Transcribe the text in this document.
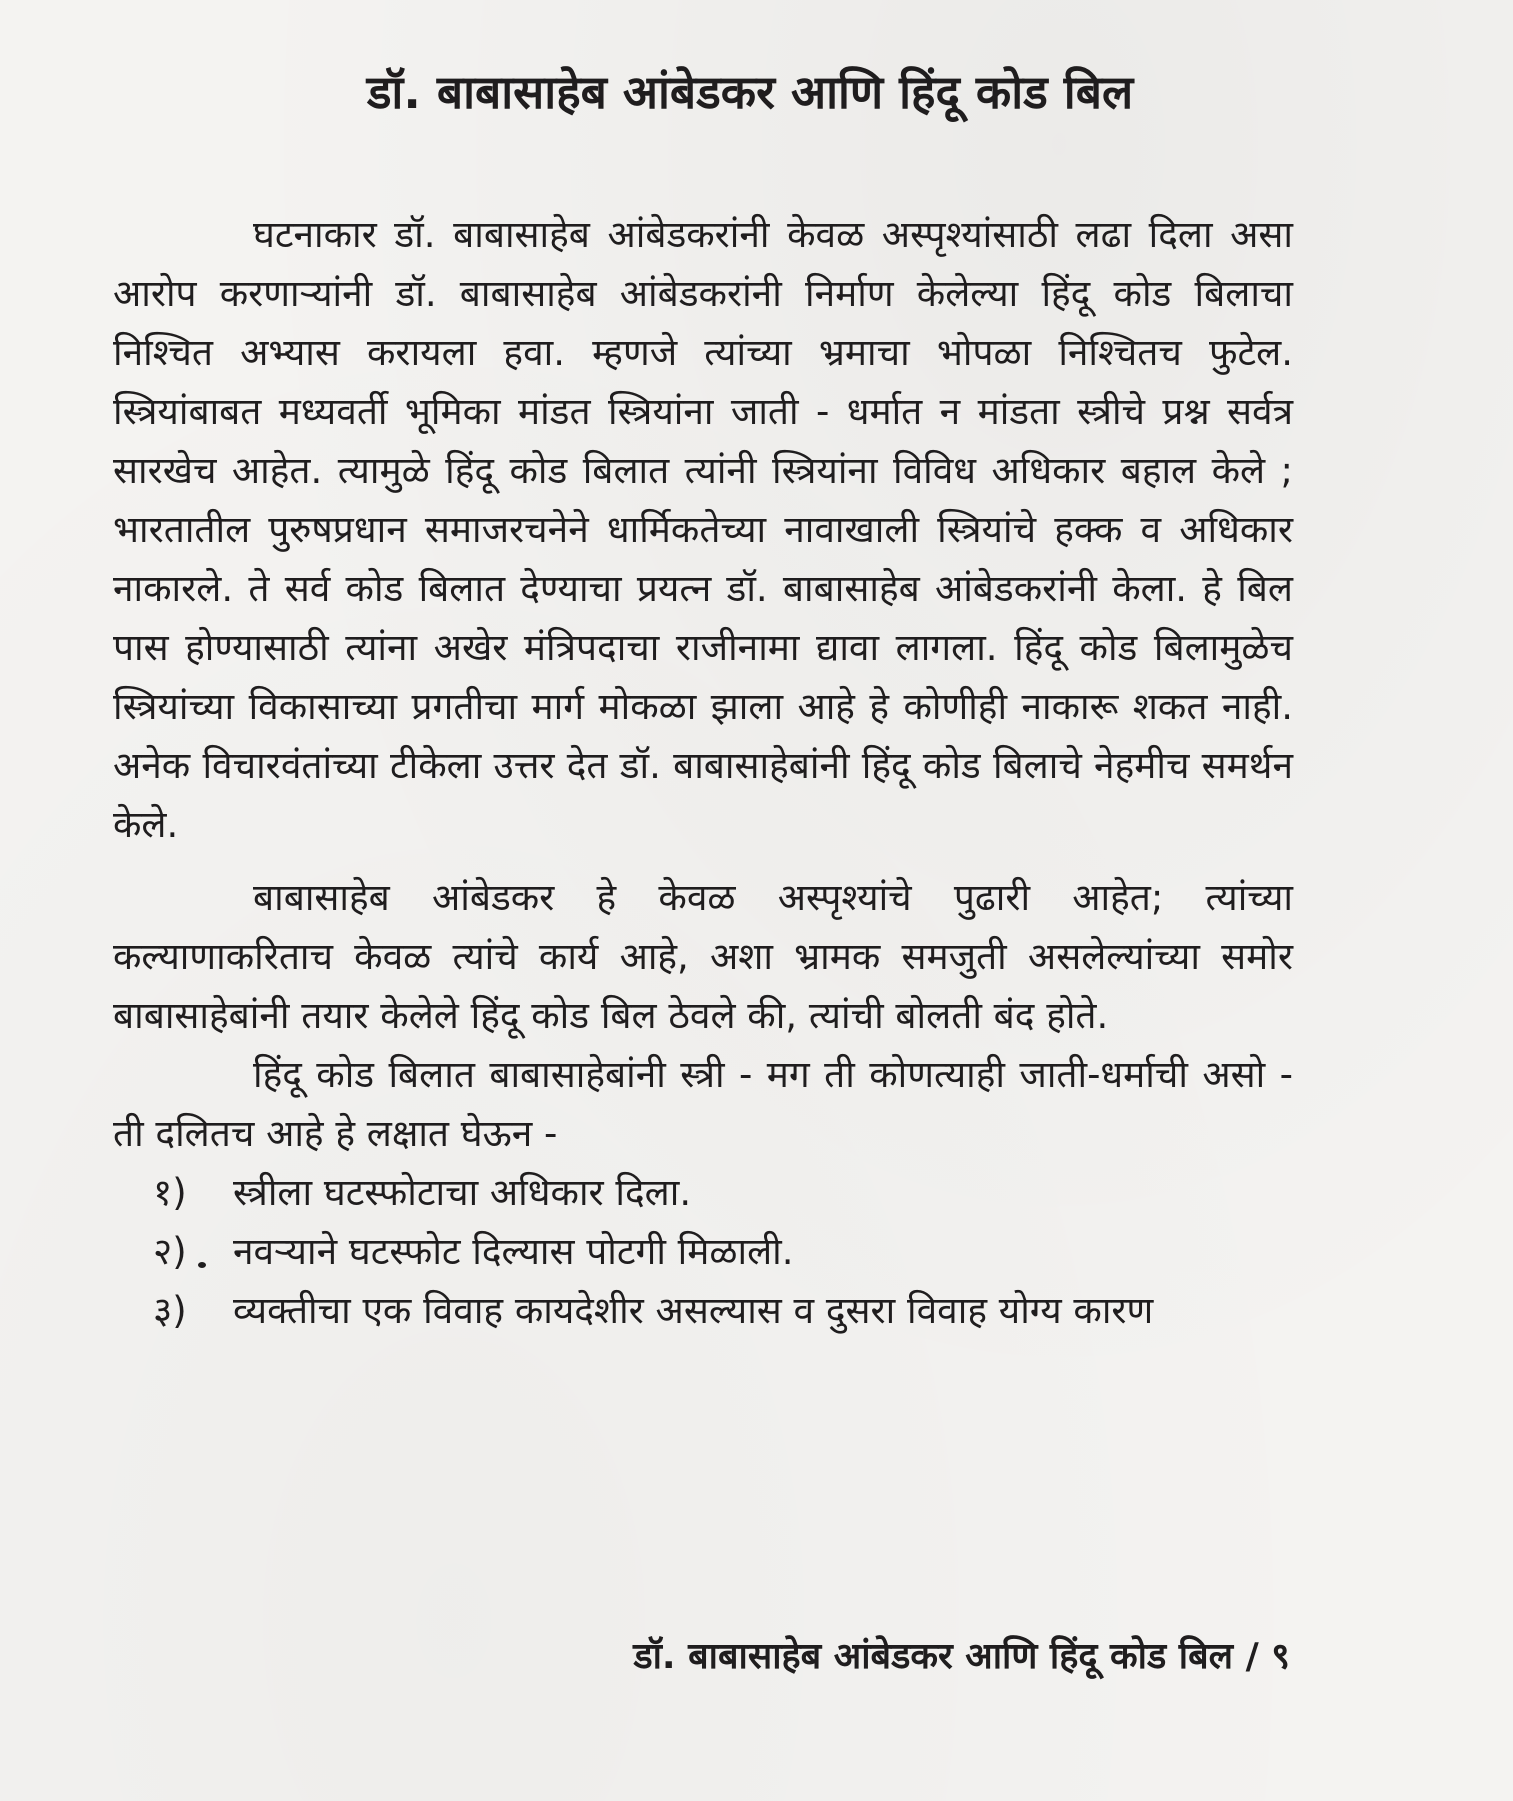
डॉ. बाबासाहेब आंबेडकर आणि हिंदू कोड बिल

घटनाकार डॉ. बाबासाहेब आंबेडकरांनी केवळ अस्पृश्यांसाठी लढा दिला असा आरोप करणाऱ्यांनी डॉ. बाबासाहेब आंबेडकरांनी निर्माण केलेल्या हिंदू कोड बिलाचा निश्चित अभ्यास करायला हवा. म्हणजे त्यांच्या भ्रमाचा भोपळा निश्चितच फुटेल. स्त्रियांबाबत मध्यवर्ती भूमिका मांडत स्त्रियांना जाती - धर्मात न मांडता स्त्रीचे प्रश्न सर्वत्र सारखेच आहेत. त्यामुळे हिंदू कोड बिलात त्यांनी स्त्रियांना विविध अधिकार बहाल केले ; भारतातील पुरुषप्रधान समाजरचनेने धार्मिकतेच्या नावाखाली स्त्रियांचे हक्क व अधिकार नाकारले. ते सर्व कोड बिलात देण्याचा प्रयत्न डॉ. बाबासाहेब आंबेडकरांनी केला. हे बिल पास होण्यासाठी त्यांना अखेर मंत्रिपदाचा राजीनामा द्यावा लागला. हिंदू कोड बिलामुळेच स्त्रियांच्या विकासाच्या प्रगतीचा मार्ग मोकळा झाला आहे हे कोणीही नाकारू शकत नाही. अनेक विचारवंतांच्या टीकेला उत्तर देत डॉ. बाबासाहेबांनी हिंदू कोड बिलाचे नेहमीच समर्थन केले.

बाबासाहेब आंबेडकर हे केवळ अस्पृश्यांचे पुढारी आहेत; त्यांच्या कल्याणाकरिताच केवळ त्यांचे कार्य आहे, अशा भ्रामक समजुती असलेल्यांच्या समोर बाबासाहेबांनी तयार केलेले हिंदू कोड बिल ठेवले की, त्यांची बोलती बंद होते.

हिंदू कोड बिलात बाबासाहेबांनी स्त्री - मग ती कोणत्याही जाती-धर्माची असो - ती दलितच आहे हे लक्षात घेऊन -

१)	स्त्रीला घटस्फोटाचा अधिकार दिला.
२)	नवऱ्याने घटस्फोट दिल्यास पोटगी मिळाली.
३)	व्यक्तीचा एक विवाह कायदेशीर असल्यास व दुसरा विवाह योग्य कारण

डॉ. बाबासाहेब आंबेडकर आणि हिंदू कोड बिल / ९
